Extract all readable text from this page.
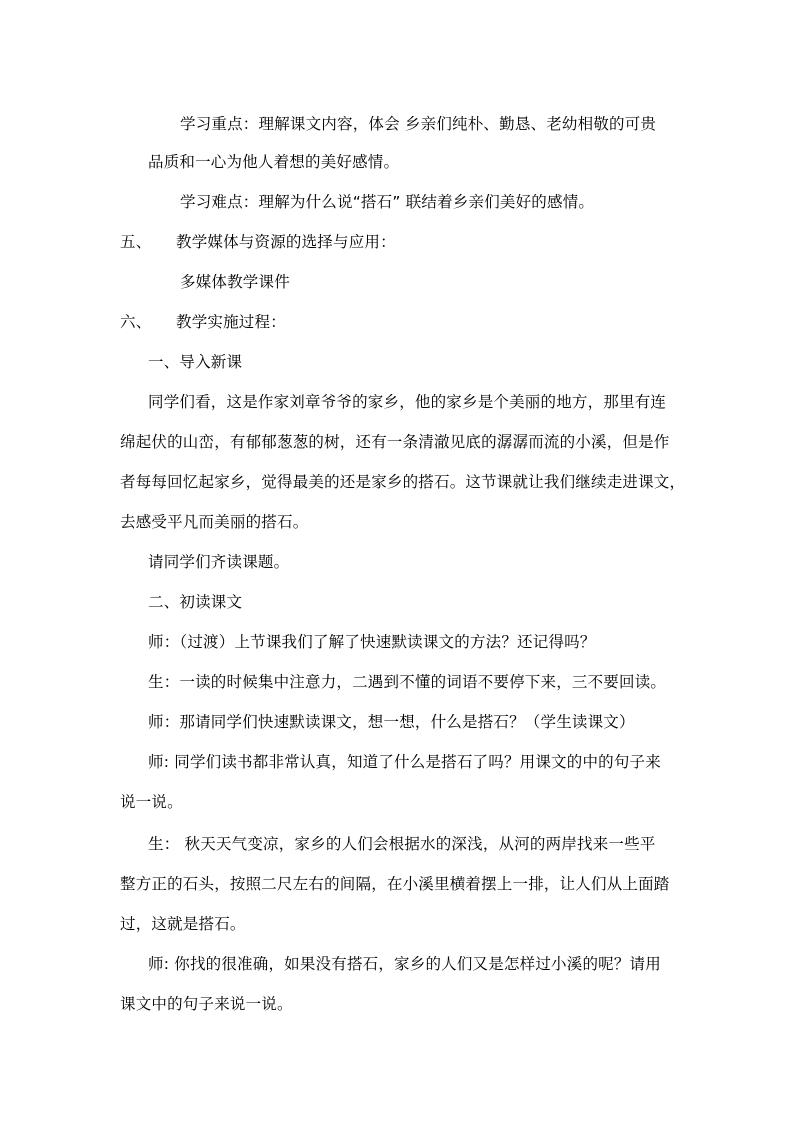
学习重点：理解课文内容，体会 乡亲们纯朴、勤恳、老幼相敬的可贵
品质和一心为他人着想的美好感情。
学习难点：理解为什么说“搭石” 联结着乡亲们美好的感情。
五、 教学媒体与资源的选择与应用：
多媒体教学课件
六、 教学实施过程：
一、导入新课
同学们看，这是作家刘章爷爷的家乡，他的家乡是个美丽的地方，那里有连
绵起伏的山峦，有郁郁葱葱的树，还有一条清澈见底的潺潺而流的小溪，但是作
者每每回忆起家乡，觉得最美的还是家乡的搭石。这节课就让我们继续走进课文，
去感受平凡而美丽的搭石。
请同学们齐读课题。
二、初读课文
师：（过渡）上节课我们了解了快速默读课文的方法？还记得吗？
生：一读的时候集中注意力，二遇到不懂的词语不要停下来，三不要回读。
师：那请同学们快速默读课文，想一想，什么是搭石？（学生读课文）
师: 同学们读书都非常认真，知道了什么是搭石了吗？用课文的中的句子来
说一说。
生： 秋天天气变凉，家乡的人们会根据水的深浅，从河的两岸找来一些平
整方正的石头，按照二尺左右的间隔，在小溪里横着摆上一排，让人们从上面踏
过，这就是搭石。
师: 你找的很准确，如果没有搭石，家乡的人们又是怎样过小溪的呢？请用
课文中的句子来说一说。
